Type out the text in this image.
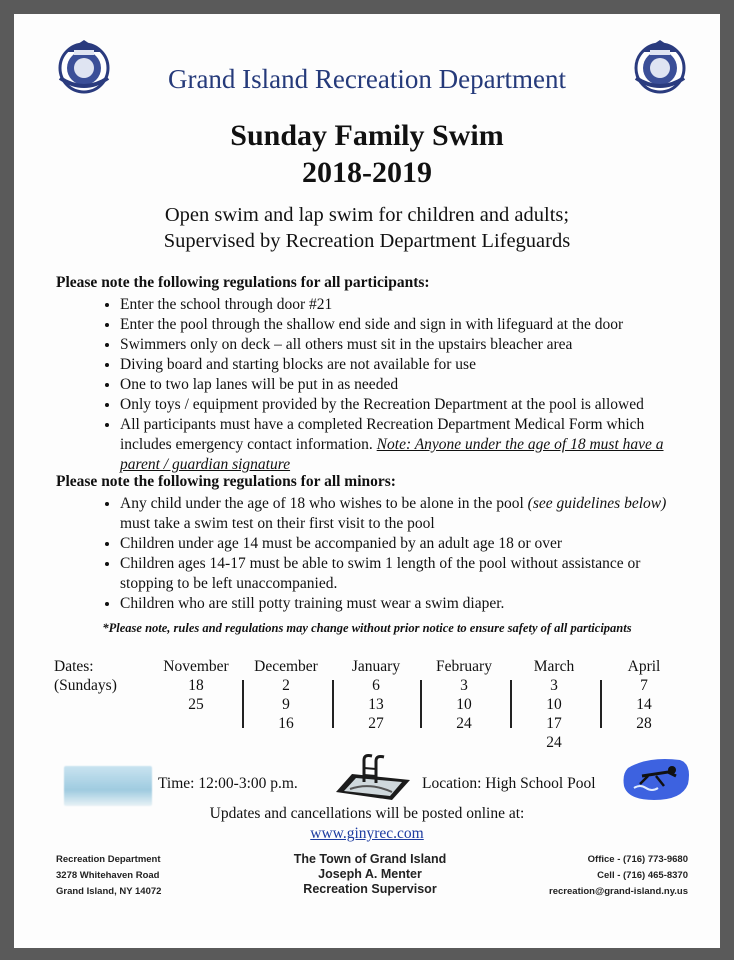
Grand Island Recreation Department
Sunday Family Swim
2018-2019
Open swim and lap swim for children and adults;
Supervised by Recreation Department Lifeguards
Please note the following regulations for all participants:
• Enter the school through door #21
• Enter the pool through the shallow end side and sign in with lifeguard at the door
• Swimmers only on deck – all others must sit in the upstairs bleacher area
• Diving board and starting blocks are not available for use
• One to two lap lanes will be put in as needed
• Only toys / equipment provided by the Recreation Department at the pool is allowed
• All participants must have a completed Recreation Department Medical Form which includes emergency contact information. Note: Anyone under the age of 18 must have a parent / guardian signature
Please note the following regulations for all minors:
• Any child under the age of 18 who wishes to be alone in the pool (see guidelines below) must take a swim test on their first visit to the pool
• Children under age 14 must be accompanied by an adult age 18 or over
• Children ages 14-17 must be able to swim 1 length of the pool without assistance or stopping to be left unaccompanied.
• Children who are still potty training must wear a swim diaper.
*Please note, rules and regulations may change without prior notice to ensure safety of all participants
Dates:
(Sundays)
November
18
25
December
2
9
16
January
6
13
27
February
3
10
24
March
3
10
17
24
April
7
14
28
Time: 12:00-3:00 p.m.	Location: High School Pool
Updates and cancellations will be posted online at:
www.ginyrec.com
Recreation Department
3278 Whitehaven Road
Grand Island, NY 14072
The Town of Grand Island
Joseph A. Menter
Recreation Supervisor
Office - (716) 773-9680
Cell - (716) 465-8370
recreation@grand-island.ny.us
